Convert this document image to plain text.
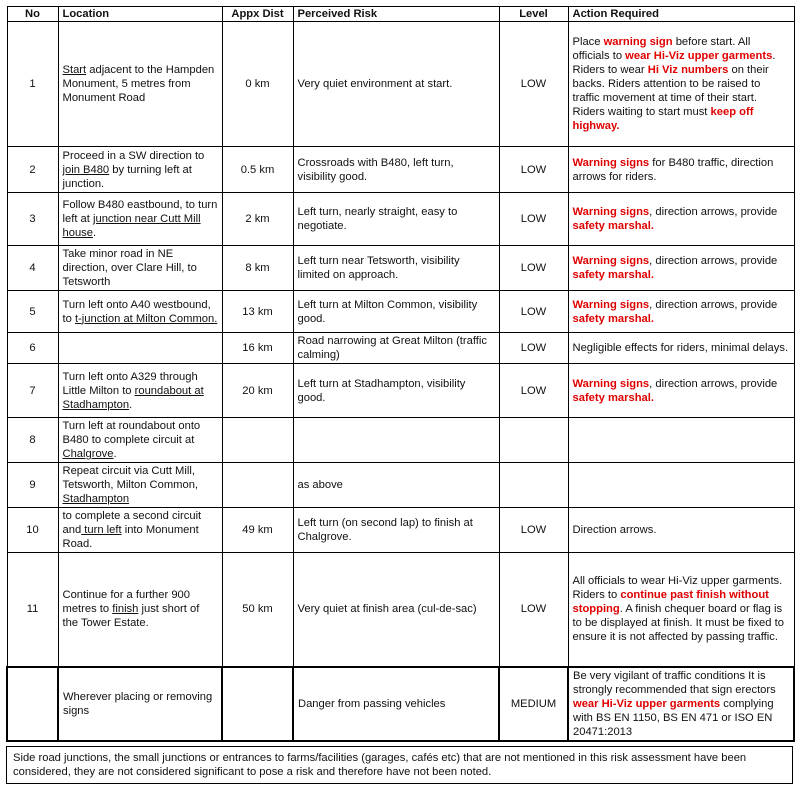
No	Location	Appx Dist	Perceived Risk	Level	Action Required
1	Start adjacent to the Hampden Monument, 5 metres from Monument Road	0 km	Very quiet environment at start.	LOW	Place warning sign before start. All officials to wear Hi-Viz upper garments. Riders to wear Hi Viz numbers on their backs. Riders attention to be raised to traffic movement at time of their start. Riders waiting to start must keep off highway.
2	Proceed in a SW direction to join B480 by turning left at junction.	0.5 km	Crossroads with B480, left turn, visibility good.	LOW	Warning signs for B480 traffic, direction arrows for riders.
3	Follow B480 eastbound, to turn left at junction near Cutt Mill house.	2 km	Left turn, nearly straight, easy to negotiate.	LOW	Warning signs, direction arrows, provide safety marshal.
4	Take minor road in NE direction, over Clare Hill, to Tetsworth	8 km	Left turn near Tetsworth, visibility limited on approach.	LOW	Warning signs, direction arrows, provide safety marshal.
5	Turn left onto A40 westbound, to t-junction at Milton Common.	13 km	Left turn at Milton Common, visibility good.	LOW	Warning signs, direction arrows, provide safety marshal.
6		16 km	Road narrowing at Great Milton (traffic calming)	LOW	Negligible effects for riders, minimal delays.
7	Turn left onto A329 through Little Milton to roundabout at Stadhampton.	20 km	Left turn at Stadhampton, visibility good.	LOW	Warning signs, direction arrows, provide safety marshal.
8	Turn left at roundabout onto B480 to complete circuit at Chalgrove.				
9	Repeat circuit via Cutt Mill, Tetsworth, Milton Common, Stadhampton		as above		
10	to complete a second circuit and turn left into Monument Road.	49 km	Left turn (on second lap) to finish at Chalgrove.	LOW	Direction arrows.
11	Continue for a further 900 metres to finish just short of the Tower Estate.	50 km	Very quiet at finish area (cul-de-sac)	LOW	All officials to wear Hi-Viz upper garments. Riders to continue past finish without stopping. A finish chequer board or flag is to be displayed at finish. It must be fixed to ensure it is not affected by passing traffic.
	Wherever placing or removing signs		Danger from passing vehicles	MEDIUM	Be very vigilant of traffic conditions It is strongly recommended that sign erectors wear Hi-Viz upper garments complying with BS EN 1150, BS EN 471 or ISO EN 20471:2013
Side road junctions, the small junctions or entrances to farms/facilities (garages, cafés etc) that are not mentioned in this risk assessment have been considered, they are not considered significant to pose a risk and therefore have not been noted.
